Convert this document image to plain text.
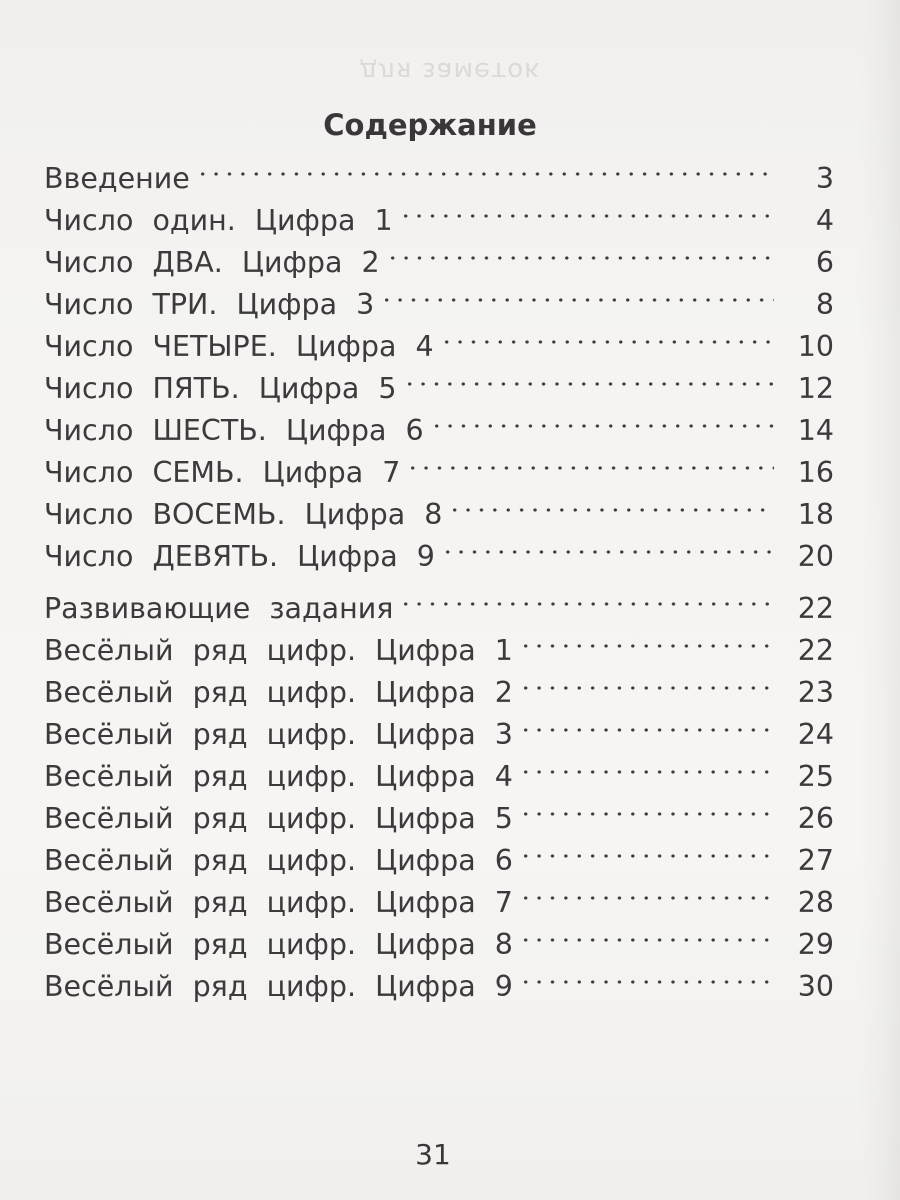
для заметок
Содержание
Введение	3
Число один. Цифра 1	4
Число ДВА. Цифра 2	6
Число ТРИ. Цифра 3	8
Число ЧЕТЫРЕ. Цифра 4	10
Число ПЯТЬ. Цифра 5	12
Число ШЕСТЬ. Цифра 6	14
Число СЕМЬ. Цифра 7	16
Число ВОСЕМЬ. Цифра 8	18
Число ДЕВЯТЬ. Цифра 9	20
Развивающие задания	22
Весёлый ряд цифр. Цифра 1	22
Весёлый ряд цифр. Цифра 2	23
Весёлый ряд цифр. Цифра 3	24
Весёлый ряд цифр. Цифра 4	25
Весёлый ряд цифр. Цифра 5	26
Весёлый ряд цифр. Цифра 6	27
Весёлый ряд цифр. Цифра 7	28
Весёлый ряд цифр. Цифра 8	29
Весёлый ряд цифр. Цифра 9	30
31
